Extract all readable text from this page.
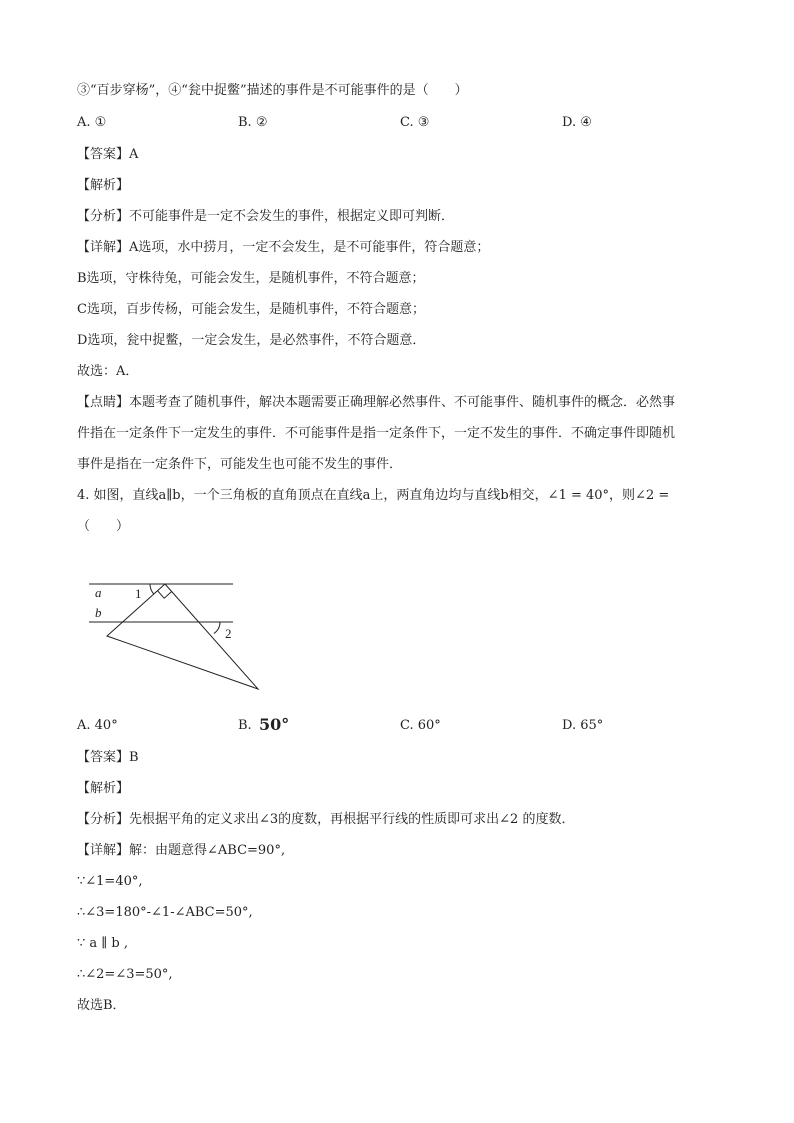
③“百步穿杨”，④“瓮中捉鳖”描述的事件是不可能事件的是（　　）
A. ①	B. ②	C. ③	D. ④
【答案】A
【解析】
【分析】不可能事件是一定不会发生的事件，根据定义即可判断．
【详解】A选项，水中捞月，一定不会发生，是不可能事件，符合题意；
B选项，守株待兔，可能会发生，是随机事件，不符合题意；
C选项，百步传杨，可能会发生，是随机事件，不符合题意；
D选项，瓮中捉鳖，一定会发生，是必然事件，不符合题意．
故选：A．
【点睛】本题考查了随机事件，解决本题需要正确理解必然事件、不可能事件、随机事件的概念．必然事
件指在一定条件下一定发生的事件．不可能事件是指一定条件下，一定不发生的事件．不确定事件即随机
事件是指在一定条件下，可能发生也可能不发生的事件．
4. 如图，直线a∥b，一个三角板的直角顶点在直线a上，两直角边均与直线b相交，∠1 = 40°，则∠2 =
（　　）
a
b
1
2
A. 40°	B. 50°	C. 60°	D. 65°
【答案】B
【解析】
【分析】先根据平角的定义求出∠3的度数，再根据平行线的性质即可求出∠2 的度数．
【详解】解：由题意得∠ABC=90°,
∵∠1=40°,
∴∠3=180°-∠1-∠ABC=50°,
∵ a ∥ b ,
∴∠2=∠3=50°,
故选B．
